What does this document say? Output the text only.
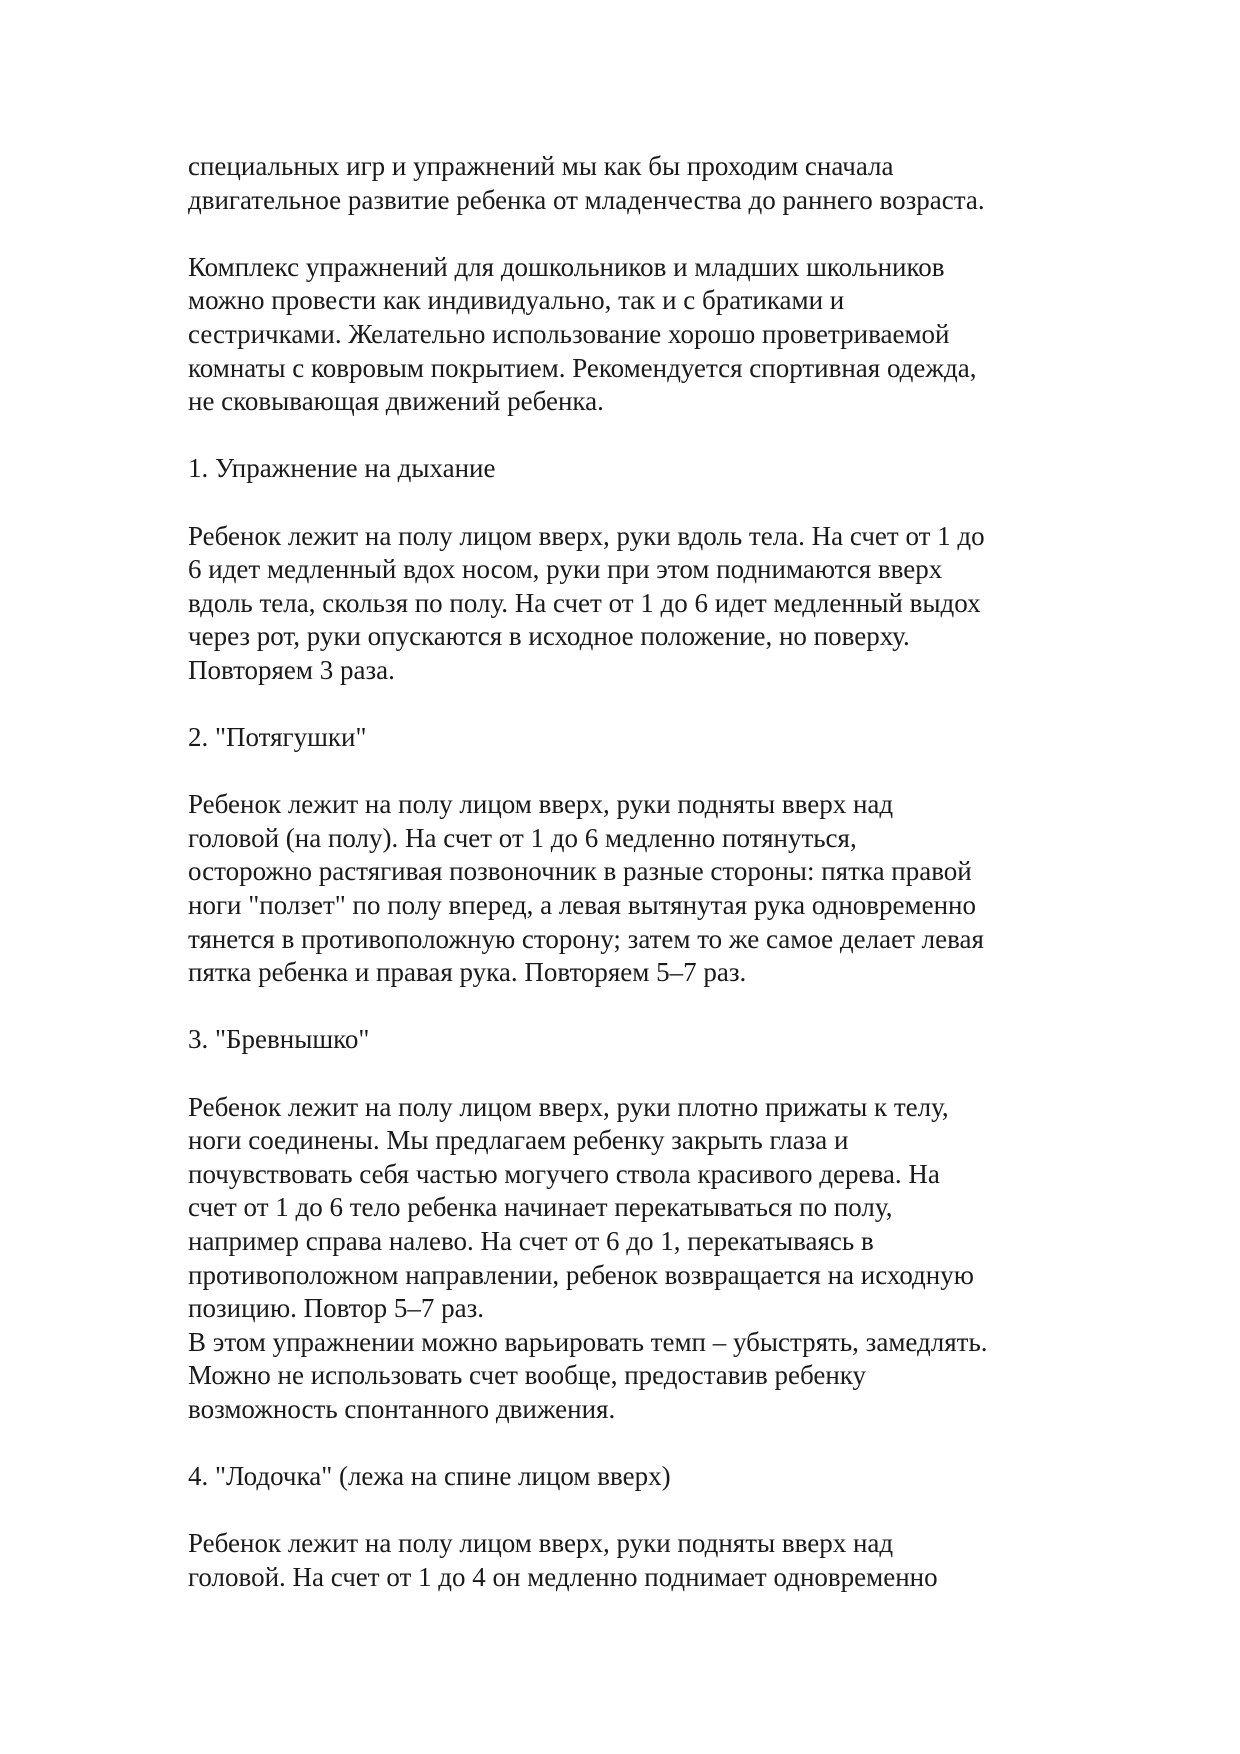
специальных игр и упражнений мы как бы проходим сначала
двигательное развитие ребенка от младенчества до раннего возраста.
Комплекс упражнений для дошкольников и младших школьников
можно провести как индивидуально, так и с братиками и
сестричками. Желательно использование хорошо проветриваемой
комнаты с ковровым покрытием. Рекомендуется спортивная одежда,
не сковывающая движений ребенка.
1. Упражнение на дыхание
Ребенок лежит на полу лицом вверх, руки вдоль тела. На счет от 1 до
6 идет медленный вдох носом, руки при этом поднимаются вверх
вдоль тела, скользя по полу. На счет от 1 до 6 идет медленный выдох
через рот, руки опускаются в исходное положение, но поверху.
Повторяем 3 раза.
2. "Потягушки"
Ребенок лежит на полу лицом вверх, руки подняты вверх над
головой (на полу). На счет от 1 до 6 медленно потянуться,
осторожно растягивая позвоночник в разные стороны: пятка правой
ноги "ползет" по полу вперед, а левая вытянутая рука одновременно
тянется в противоположную сторону; затем то же самое делает левая
пятка ребенка и правая рука. Повторяем 5–7 раз.
3. "Бревнышко"
Ребенок лежит на полу лицом вверх, руки плотно прижаты к телу,
ноги соединены. Мы предлагаем ребенку закрыть глаза и
почувствовать себя частью могучего ствола красивого дерева. На
счет от 1 до 6 тело ребенка начинает перекатываться по полу,
например справа налево. На счет от 6 до 1, перекатываясь в
противоположном направлении, ребенок возвращается на исходную
позицию. Повтор 5–7 раз.
В этом упражнении можно варьировать темп – убыстрять, замедлять.
Можно не использовать счет вообще, предоставив ребенку
возможность спонтанного движения.
4. "Лодочка" (лежа на спине лицом вверх)
Ребенок лежит на полу лицом вверх, руки подняты вверх над
головой. На счет от 1 до 4 он медленно поднимает одновременно
